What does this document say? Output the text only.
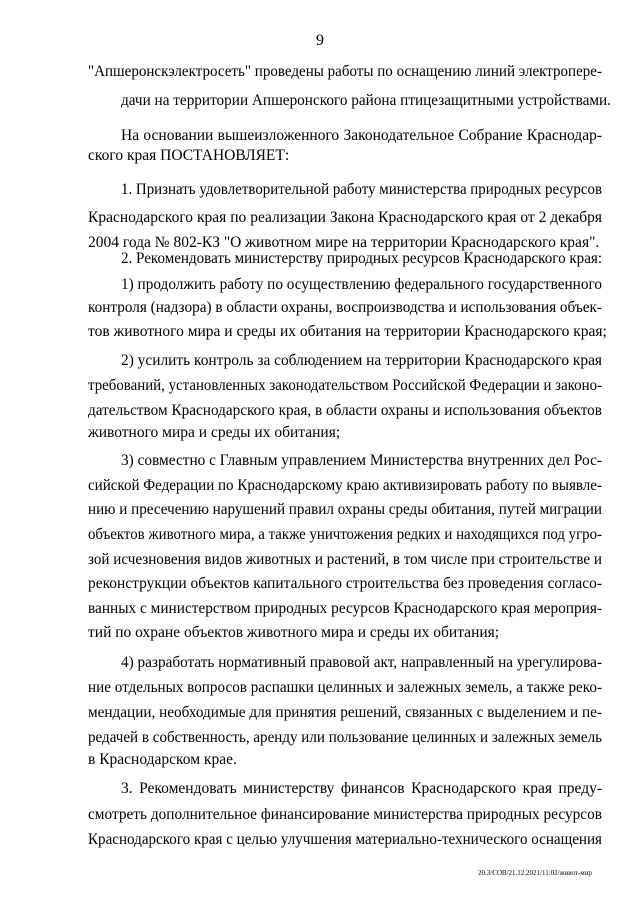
9
"Апшеронскэлектросеть" проведены работы по оснащению линий электропере-
дачи на территории Апшеронского района птицезащитными устройствами.
На основании вышеизложенного Законодательное Собрание Краснодар-
ского края ПОСТАНОВЛЯЕТ:
1. Признать удовлетворительной работу министерства природных ресурсов
Краснодарского края по реализации Закона Краснодарского края от 2 декабря
2004 года № 802-КЗ "О животном мире на территории Краснодарского края".
2. Рекомендовать министерству природных ресурсов Краснодарского края:
1) продолжить работу по осуществлению федерального государственного
контроля (надзора) в области охраны, воспроизводства и использования объек-
тов животного мира и среды их обитания на территории Краснодарского края;
2) усилить контроль за соблюдением на территории Краснодарского края
требований, установленных законодательством Российской Федерации и законо-
дательством Краснодарского края, в области охраны и использования объектов
животного мира и среды их обитания;
3) совместно с Главным управлением Министерства внутренних дел Рос-
сийской Федерации по Краснодарскому краю активизировать работу по выявле-
нию и пресечению нарушений правил охраны среды обитания, путей миграции
объектов животного мира, а также уничтожения редких и находящихся под угро-
зой исчезновения видов животных и растений, в том числе при строительстве и
реконструкции объектов капитального строительства без проведения согласо-
ванных с министерством природных ресурсов Краснодарского края мероприя-
тий по охране объектов животного мира и среды их обитания;
4) разработать нормативный правовой акт, направленный на урегулирова-
ние отдельных вопросов распашки целинных и залежных земель, а также реко-
мендации, необходимые для принятия решений, связанных с выделением и пе-
редачей в собственность, аренду или пользование целинных и залежных земель
в Краснодарском крае.
3. Рекомендовать министерству финансов Краснодарского края преду-
смотреть дополнительное финансирование министерства природных ресурсов
Краснодарского края с целью улучшения материально-технического оснащения
20.3/СОВ/21.12.2021/11:02/живот-мир
